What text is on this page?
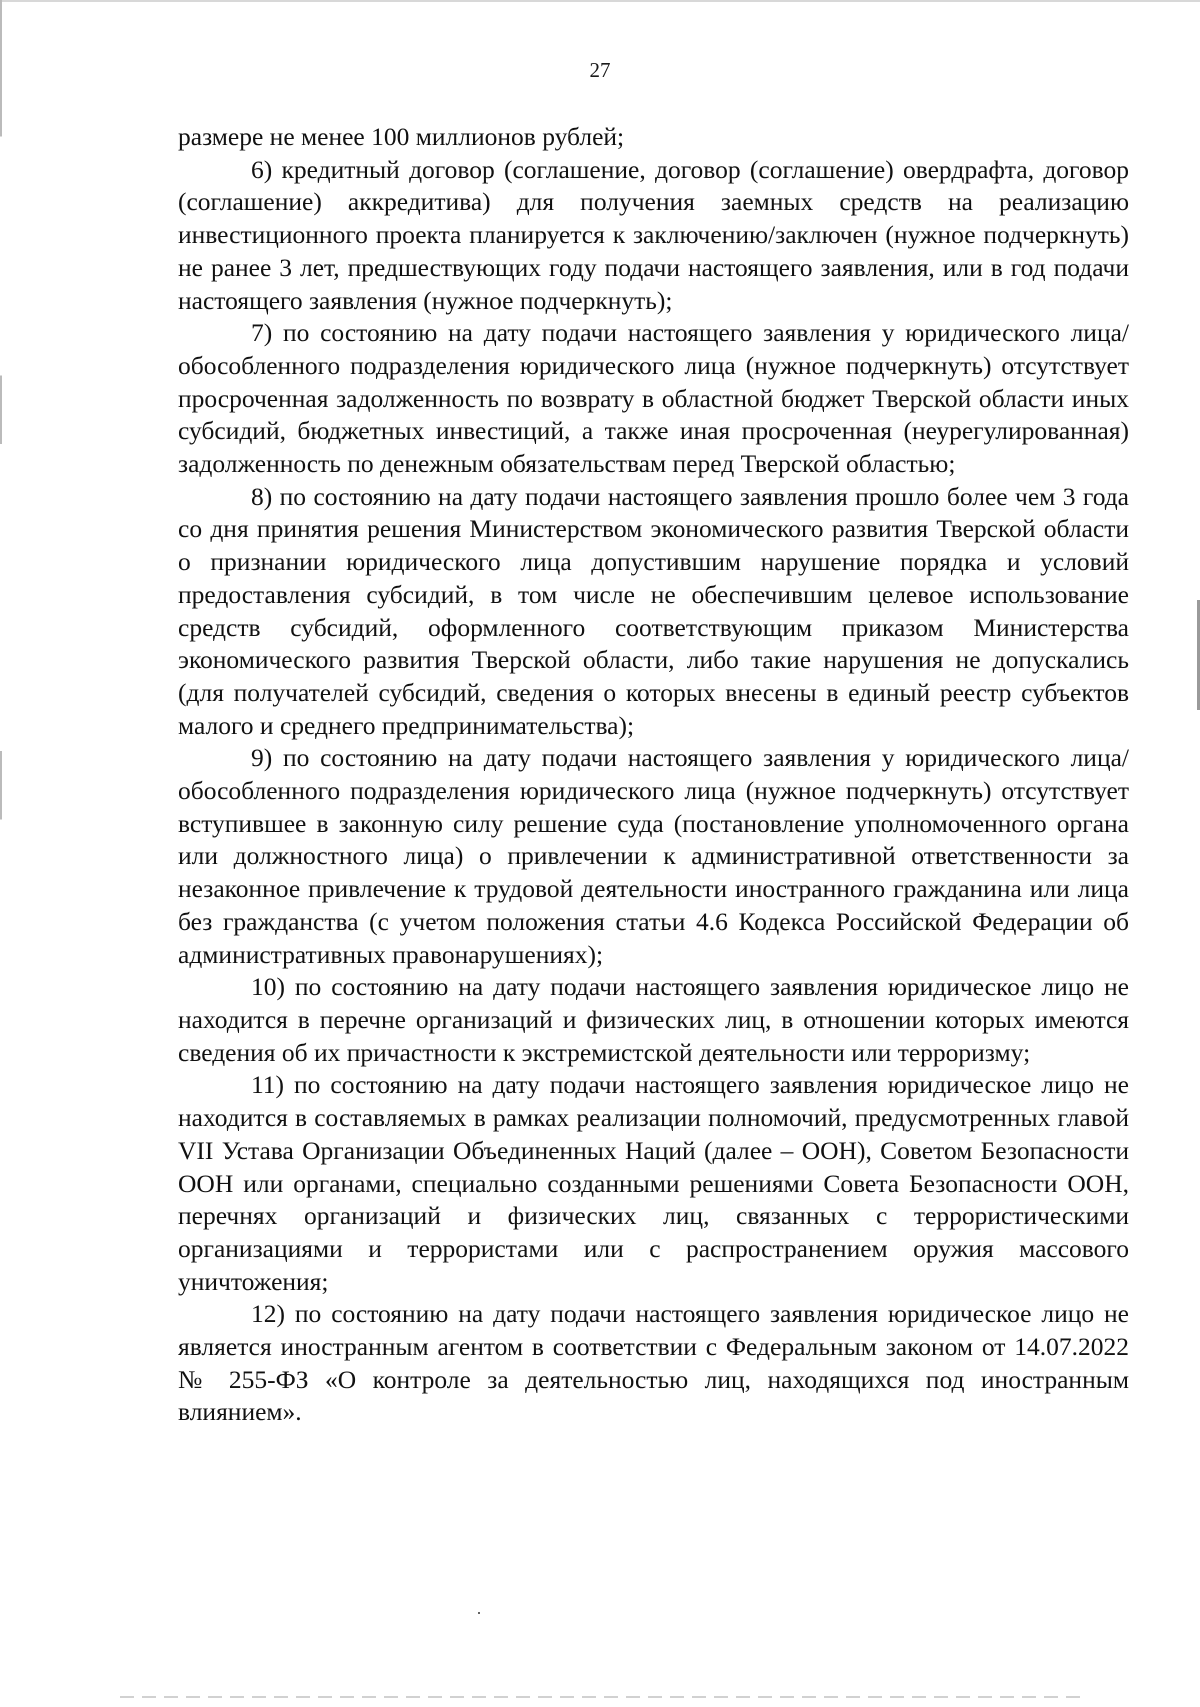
27

размере не менее 100 миллионов рублей;

6) кредитный договор (соглашение, договор (соглашение) овердрафта, договор (соглашение) аккредитива) для получения заемных средств на реализацию инвестиционного проекта планируется к заключению/заключен (нужное подчеркнуть) не ранее 3 лет, предшествующих году подачи настоящего заявления, или в год подачи настоящего заявления (нужное подчеркнуть);

7) по состоянию на дату подачи настоящего заявления у юридического лица/обособленного подразделения юридического лица (нужное подчеркнуть) отсутствует просроченная задолженность по возврату в областной бюджет Тверской области иных субсидий, бюджетных инвестиций, а также иная просроченная (неурегулированная) задолженность по денежным обязательствам перед Тверской областью;

8) по состоянию на дату подачи настоящего заявления прошло более чем 3 года со дня принятия решения Министерством экономического развития Тверской области о признании юридического лица допустившим нарушение порядка и условий предоставления субсидий, в том числе не обеспечившим целевое использование средств субсидий, оформленного соответствующим приказом Министерства экономического развития Тверской области, либо такие нарушения не допускались (для получателей субсидий, сведения о которых внесены в единый реестр субъектов малого и среднего предпринимательства);

9) по состоянию на дату подачи настоящего заявления у юридического лица/обособленного подразделения юридического лица (нужное подчеркнуть) отсутствует вступившее в законную силу решение суда (постановление уполномоченного органа или должностного лица) о привлечении к административной ответственности за незаконное привлечение к трудовой деятельности иностранного гражданина или лица без гражданства (с учетом положения статьи 4.6 Кодекса Российской Федерации об административных правонарушениях);

10) по состоянию на дату подачи настоящего заявления юридическое лицо не находится в перечне организаций и физических лиц, в отношении которых имеются сведения об их причастности к экстремистской деятельности или терроризму;

11) по состоянию на дату подачи настоящего заявления юридическое лицо не находится в составляемых в рамках реализации полномочий, предусмотренных главой VII Устава Организации Объединенных Наций (далее – ООН), Советом Безопасности ООН или органами, специально созданными решениями Совета Безопасности ООН, перечнях организаций и физических лиц, связанных с террористическими организациями и террористами или с распространением оружия массового уничтожения;

12) по состоянию на дату подачи настоящего заявления юридическое лицо не является иностранным агентом в соответствии с Федеральным законом от 14.07.2022 № 255-ФЗ «О контроле за деятельностью лиц, находящихся под иностранным влиянием».
